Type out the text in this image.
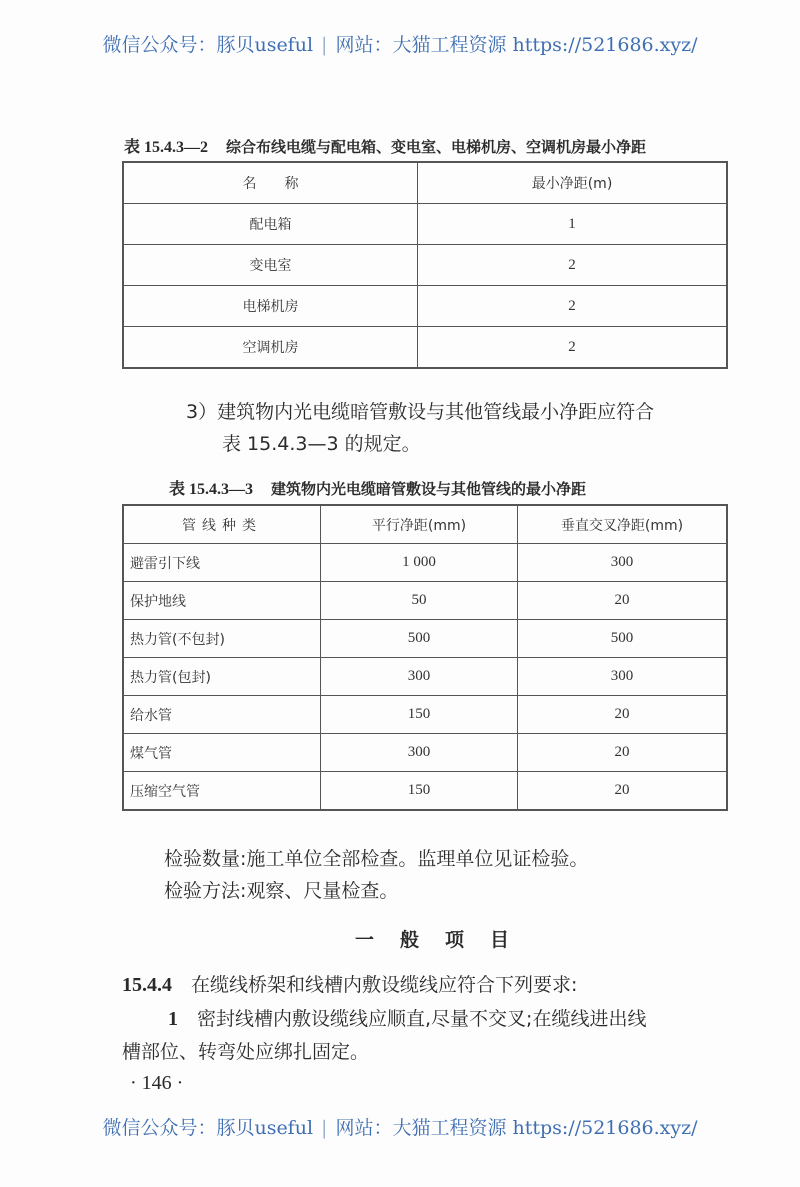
微信公众号：豚贝useful | 网站：大猫工程资源 https://521686.xyz/
表 15.4.3—2 综合布线电缆与配电箱、变电室、电梯机房、空调机房最小净距
名　　称	最小净距(m)
配电箱	1
变电室	2
电梯机房	2
空调机房	2
3）建筑物内光电缆暗管敷设与其他管线最小净距应符合
表 15.4.3—3 的规定。
表 15.4.3—3 建筑物内光电缆暗管敷设与其他管线的最小净距
管线种类	平行净距(mm)	垂直交叉净距(mm)
避雷引下线	1 000	300
保护地线	50	20
热力管(不包封)	500	500
热力管(包封)	300	300
给水管	150	20
煤气管	300	20
压缩空气管	150	20
检验数量:施工单位全部检查。监理单位见证检验。
检验方法:观察、尺量检查。
一般项目
15.4.4　 在缆线桥架和线槽内敷设缆线应符合下列要求:
1　 密封线槽内敷设缆线应顺直,尽量不交叉;在缆线进出线
槽部位、转弯处应绑扎固定。
· 146 ·
微信公众号：豚贝useful | 网站：大猫工程资源 https://521686.xyz/
